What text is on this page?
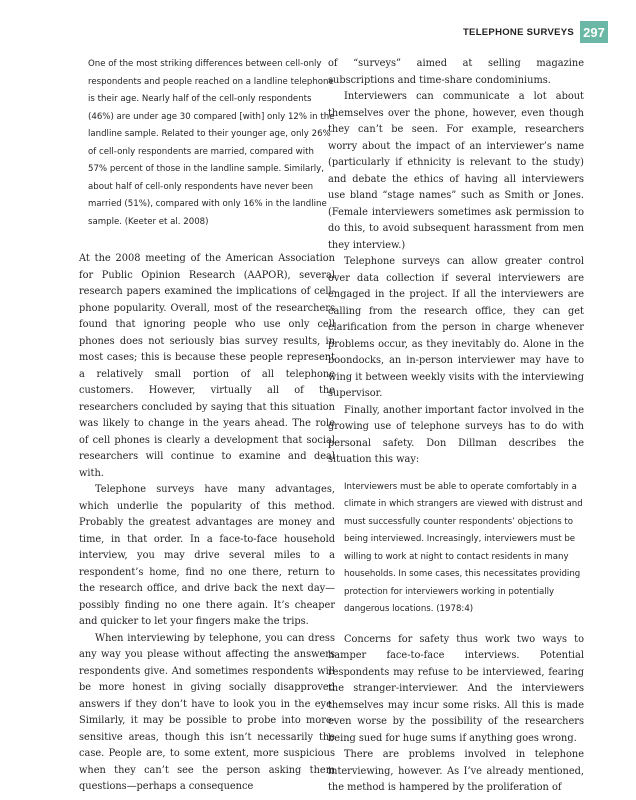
TELEPHONE SURVEYS 297
One of the most striking differences between cell-only respondents and people reached on a landline telephone is their age. Nearly half of the cell-only respondents (46%) are under age 30 compared [with] only 12% in the landline sample. Related to their younger age, only 26% of cell-only respondents are married, compared with 57% percent of those in the landline sample. Similarly, about half of cell-only respondents have never been married (51%), compared with only 16% in the landline sample. (Keeter et al. 2008)

At the 2008 meeting of the American Association for Public Opinion Research (AAPOR), several research papers examined the implications of cell-phone popularity. Overall, most of the researchers found that ignoring people who use only cell phones does not seriously bias survey results, in most cases; this is because these people represent a relatively small portion of all telephone customers. However, virtually all of the researchers concluded by saying that this situation was likely to change in the years ahead. The role of cell phones is clearly a development that social researchers will continue to examine and deal with.

Telephone surveys have many advantages, which underlie the popularity of this method. Probably the greatest advantages are money and time, in that order. In a face-to-face household interview, you may drive several miles to a respondent’s home, find no one there, return to the research office, and drive back the next day—possibly finding no one there again. It’s cheaper and quicker to let your fingers make the trips.

When interviewing by telephone, you can dress any way you please without affecting the answers respondents give. And sometimes respondents will be more honest in giving socially disapproved answers if they don’t have to look you in the eye. Similarly, it may be possible to probe into more-sensitive areas, though this isn’t necessarily the case. People are, to some extent, more suspicious when they can’t see the person asking them questions—perhaps a consequence

of “surveys” aimed at selling magazine subscriptions and time-share condominiums.

Interviewers can communicate a lot about themselves over the phone, however, even though they can’t be seen. For example, researchers worry about the impact of an interviewer’s name (particularly if ethnicity is relevant to the study) and debate the ethics of having all interviewers use bland “stage names” such as Smith or Jones. (Female interviewers sometimes ask permission to do this, to avoid subsequent harassment from men they interview.)

Telephone surveys can allow greater control over data collection if several interviewers are engaged in the project. If all the interviewers are calling from the research office, they can get clarification from the person in charge whenever problems occur, as they inevitably do. Alone in the boondocks, an in-person interviewer may have to wing it between weekly visits with the interviewing supervisor.

Finally, another important factor involved in the growing use of telephone surveys has to do with personal safety. Don Dillman describes the situation this way:

Interviewers must be able to operate comfortably in a climate in which strangers are viewed with distrust and must successfully counter respondents’ objections to being interviewed. Increasingly, interviewers must be willing to work at night to contact residents in many households. In some cases, this necessitates providing protection for interviewers working in potentially dangerous locations. (1978:4)

Concerns for safety thus work two ways to hamper face-to-face interviews. Potential respondents may refuse to be interviewed, fearing the stranger-interviewer. And the interviewers themselves may incur some risks. All this is made even worse by the possibility of the researchers being sued for huge sums if anything goes wrong.

There are problems involved in telephone interviewing, however. As I’ve already mentioned, the method is hampered by the proliferation of
